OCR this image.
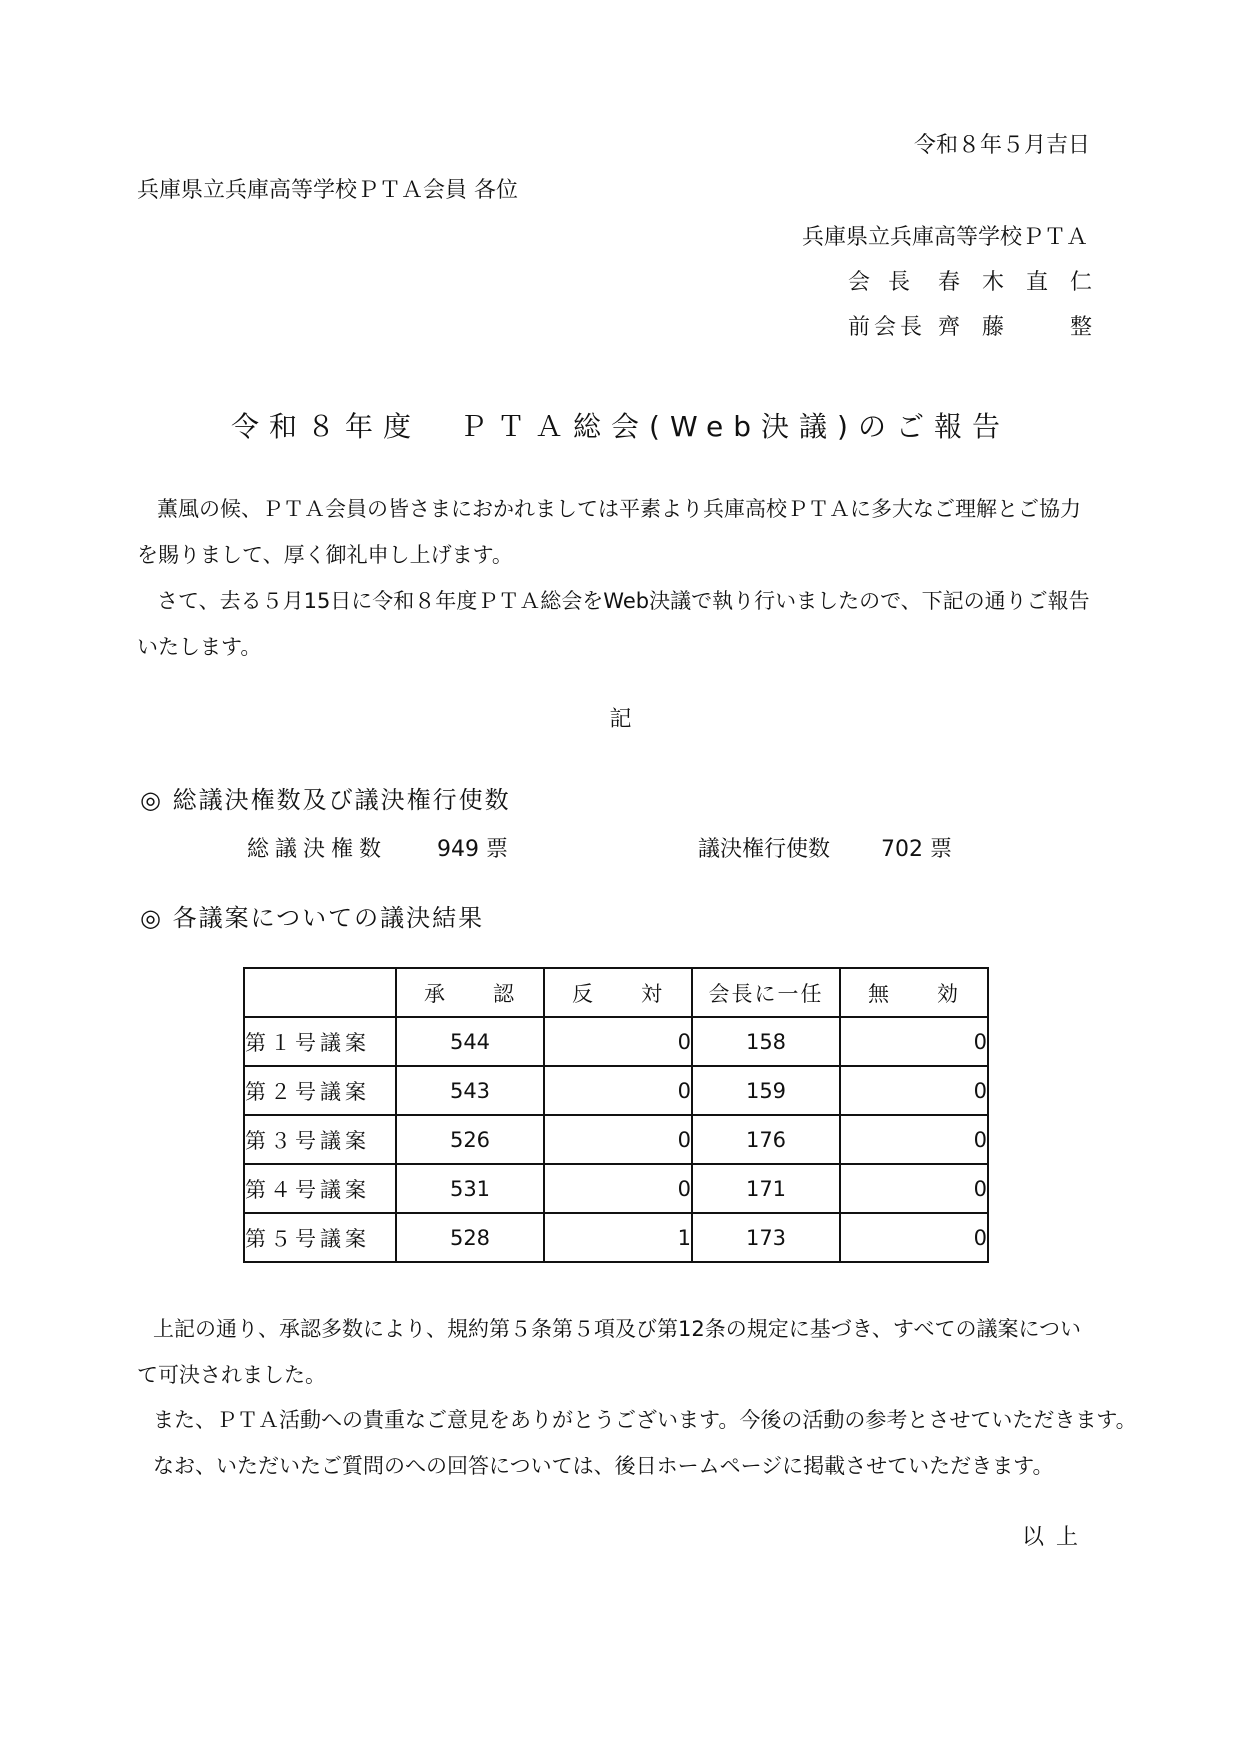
令和８年５月吉日
兵庫県立兵庫高等学校ＰＴＡ会員 各位
兵庫県立兵庫高等学校ＰＴＡ
会長 春木直仁
前会長 齊藤　整
令和８年度　ＰＴＡ総会(Web決議)のご報告
薫風の候、ＰＴＡ会員の皆さまにおかれましては平素より兵庫高校ＰＴＡに多大なご理解とご協力を賜りまして、厚く御礼申し上げます。
さて、去る５月15日に令和８年度ＰＴＡ総会をWeb決議で執り行いましたので、下記の通りご報告いたします。
記
◎ 総議決権数及び議決権行使数
総議決権数 949 票	議決権行使数 702 票
◎ 各議案についての議決結果
	承　　認	反　　対	会長に一任	無　　効
第１号議案	544	0	158	0
第２号議案	543	0	159	0
第３号議案	526	0	176	0
第４号議案	531	0	171	0
第５号議案	528	1	173	0
上記の通り、承認多数により、規約第５条第５項及び第12条の規定に基づき、すべての議案について可決されました。
また、ＰＴＡ活動への貴重なご意見をありがとうございます。今後の活動の参考とさせていただきます。
なお、いただいたご質問のへの回答については、後日ホームページに掲載させていただきます。
以上
